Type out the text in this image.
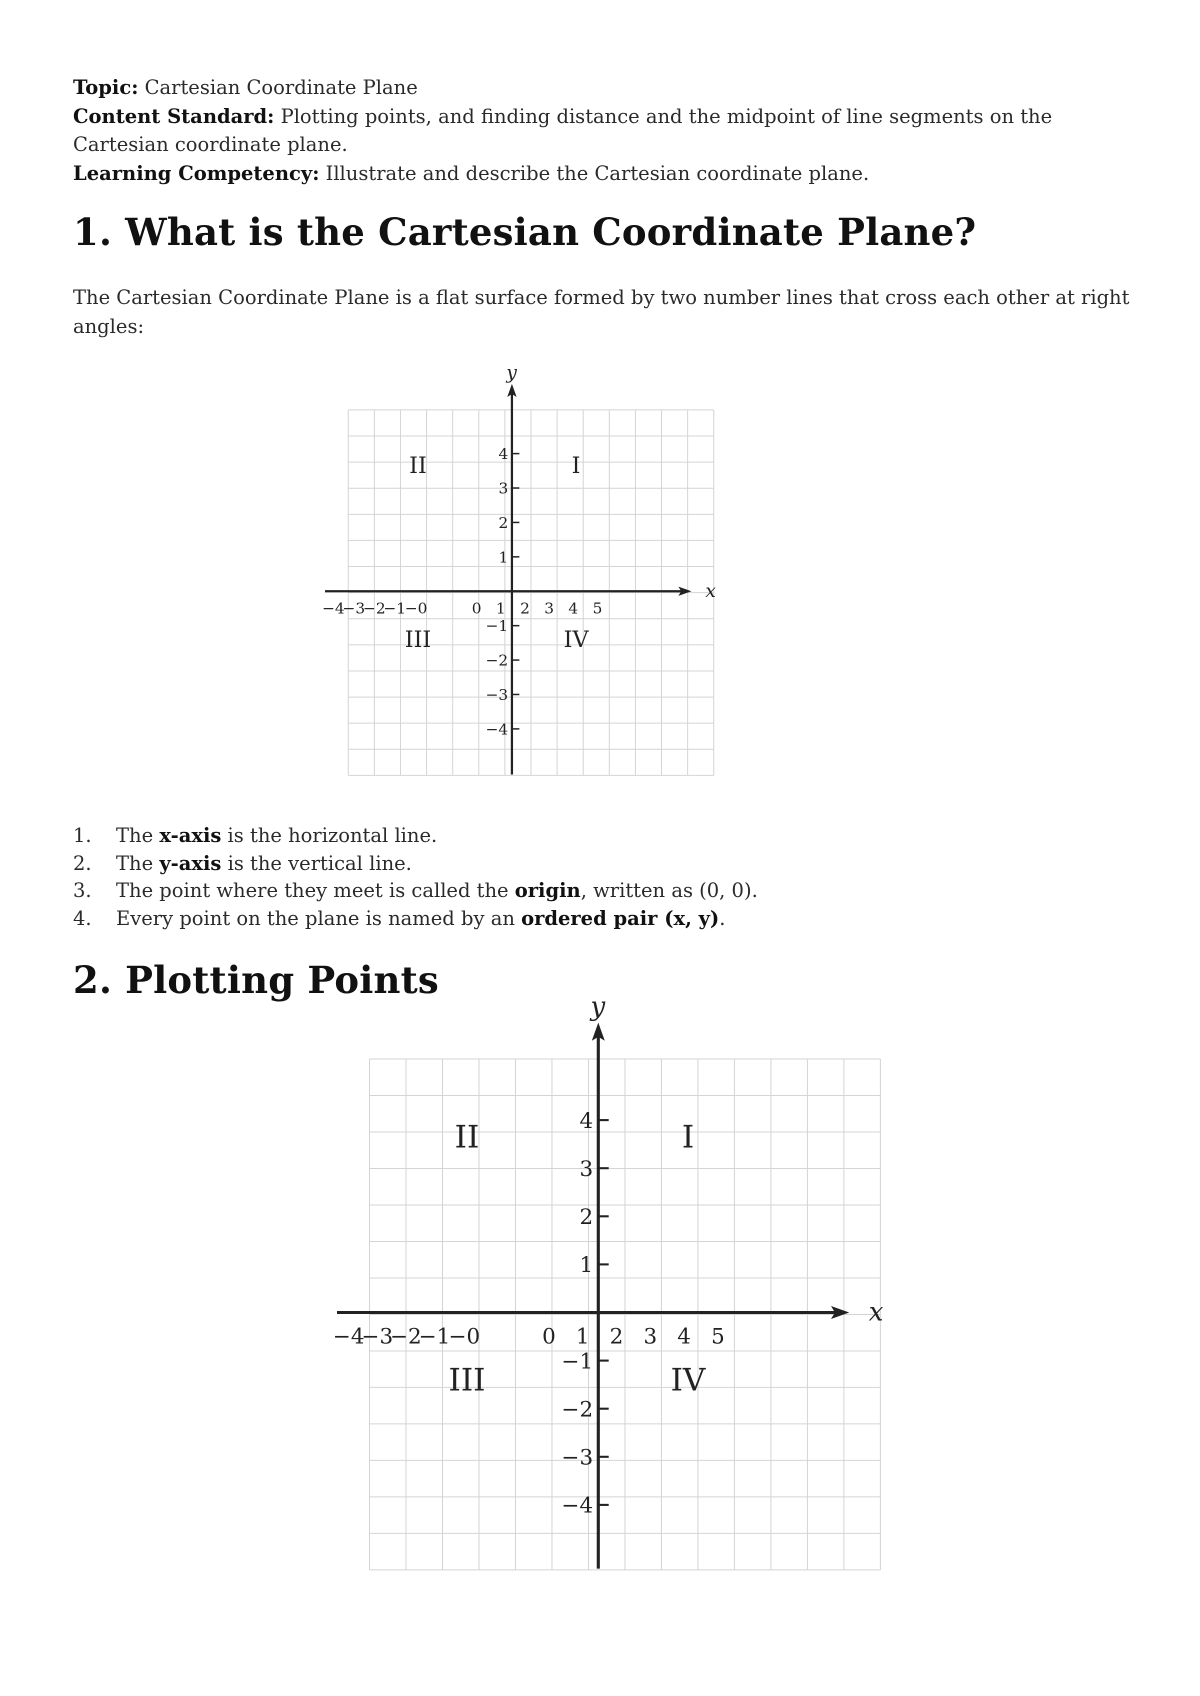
Topic: Cartesian Coordinate Plane

Content Standard: Plotting points, and finding distance and the midpoint of line segments on the Cartesian coordinate plane.

Learning Competency: Illustrate and describe the Cartesian coordinate plane.

1. What is the Cartesian Coordinate Plane?

The Cartesian Coordinate Plane is a flat surface formed by two number lines that cross each other at right angles:

x
y
−4
−3
−2
−1
−0	0 1 2 3 4 5
4
3
2
1
−1
−2
−3
−4
I
II
III	IV
1. The x-axis is the horizontal line.
2. The y-axis is the vertical line.
3. The point where they meet is called the origin, written as (0, 0).
4. Every point on the plane is named by an ordered pair (x, y).
2. Plotting Points
x
y
−4
−3
−2
−1
−0	0 1 2 3 4 5
4
3
2
1
−1
−2
−3
−4
I
II
III	IV
